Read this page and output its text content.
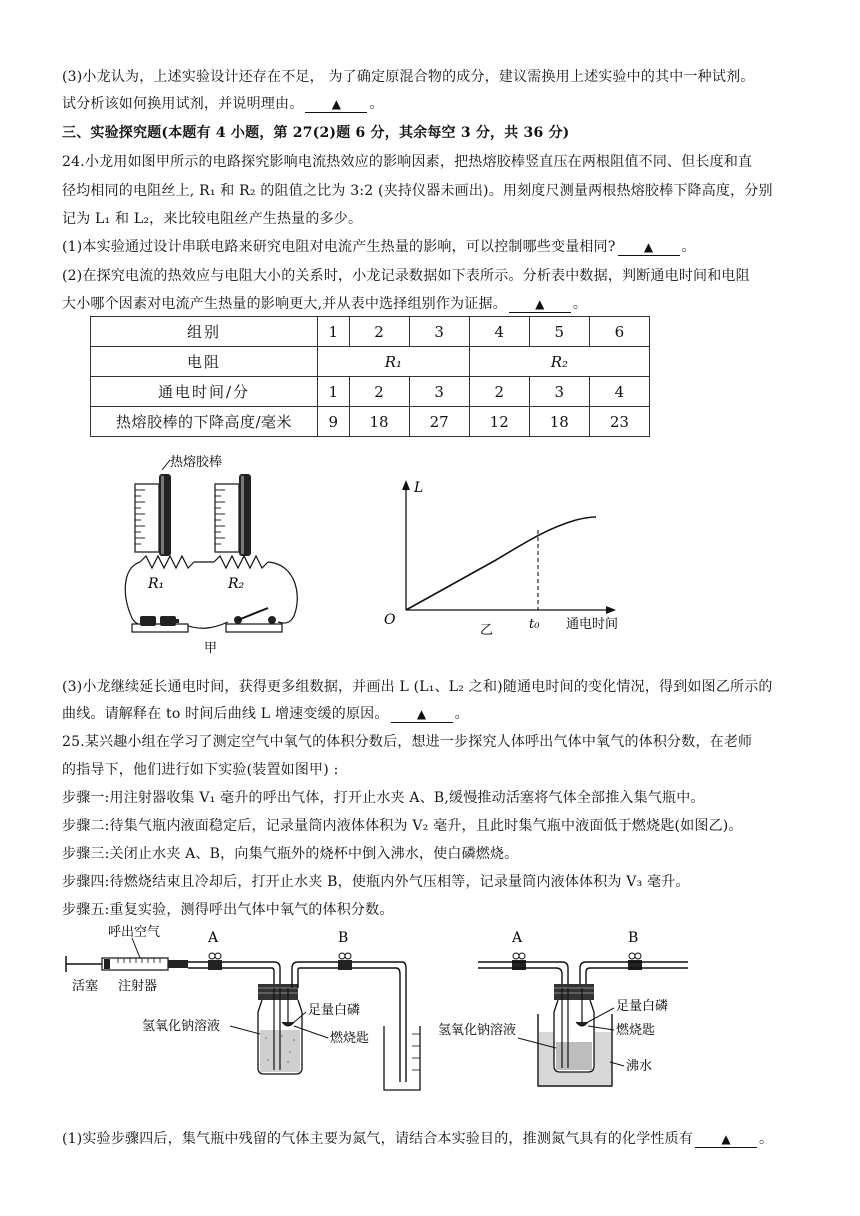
(3)小龙认为，上述实验设计还存在不足， 为了确定原混合物的成分，建议需换用上述实验中的其中一种试剂。
试分析该如何换用试剂，并说明理由。 ▲ 。
三、实验探究题(本题有 4 小题，第 27(2)题 6 分，其余每空 3 分，共 36 分)
24.小龙用如图甲所示的电路探究影响电流热效应的影响因素，把热熔胶棒竖直压在两根阻值不同、但长度和直
径均相同的电阻丝上, R₁ 和 R₂ 的阻值之比为 3:2 (夹持仪器未画出)。用刻度尺测量两根热熔胶棒下降高度，分别
记为 L₁ 和 L₂，来比较电阻丝产生热量的多少。
(1)本实验通过设计串联电路来研究电阻对电流产生热量的影响，可以控制哪些变量相同? ▲ 。
(2)在探究电流的热效应与电阻大小的关系时，小龙记录数据如下表所示。分析表中数据，判断通电时间和电阻
大小哪个因素对电流产生热量的影响更大,并从表中选择组别作为证据。 ▲ 。
组别	1	2	3	4	5	6
电阻	R₁			R₂		
通电时间/分	1	2	3	2	3	4
热熔胶棒的下降高度/毫米	9	18	27	12	18	23
热熔胶棒
R₁	R₂
甲
L
O	t₀ 通电时间
乙
(3)小龙继续延长通电时间，获得更多组数据，并画出 L (L₁、L₂ 之和)随通电时间的变化情况，得到如图乙所示的
曲线。请解释在 to 时间后曲线 L 增速变缓的原因。 ▲ 。
25.某兴趣小组在学习了测定空气中氧气的体积分数后，想进一步探究人体呼出气体中氧气的体积分数，在老师
的指导下，他们进行如下实验(装置如图甲) :
步骤一:用注射器收集 V₁ 毫升的呼出气体，打开止水夹 A、B,缓慢推动活塞将气体全部推入集气瓶中。
步骤二:待集气瓶内液面稳定后，记录量筒内液体体积为 V₂ 毫升，且此时集气瓶中液面低于燃烧匙(如图乙)。
步骤三:关闭止水夹 A、B，向集气瓶外的烧杯中倒入沸水，使白磷燃烧。
步骤四:待燃烧结束且冷却后，打开止水夹 B，使瓶内外气压相等，记录量筒内液体体积为 V₃ 毫升。
步骤五:重复实验，测得呼出气体中氧气的体积分数。
呼出空气
活塞 注射器
A	B
足量白磷
氢氧化钠溶液
燃烧匙
A	B
足量白磷
燃烧匙
氢氧化钠溶液
沸水
(1)实验步骤四后，集气瓶中残留的气体主要为氮气，请结合本实验目的，推测氮气具有的化学性质有 ▲ 。
